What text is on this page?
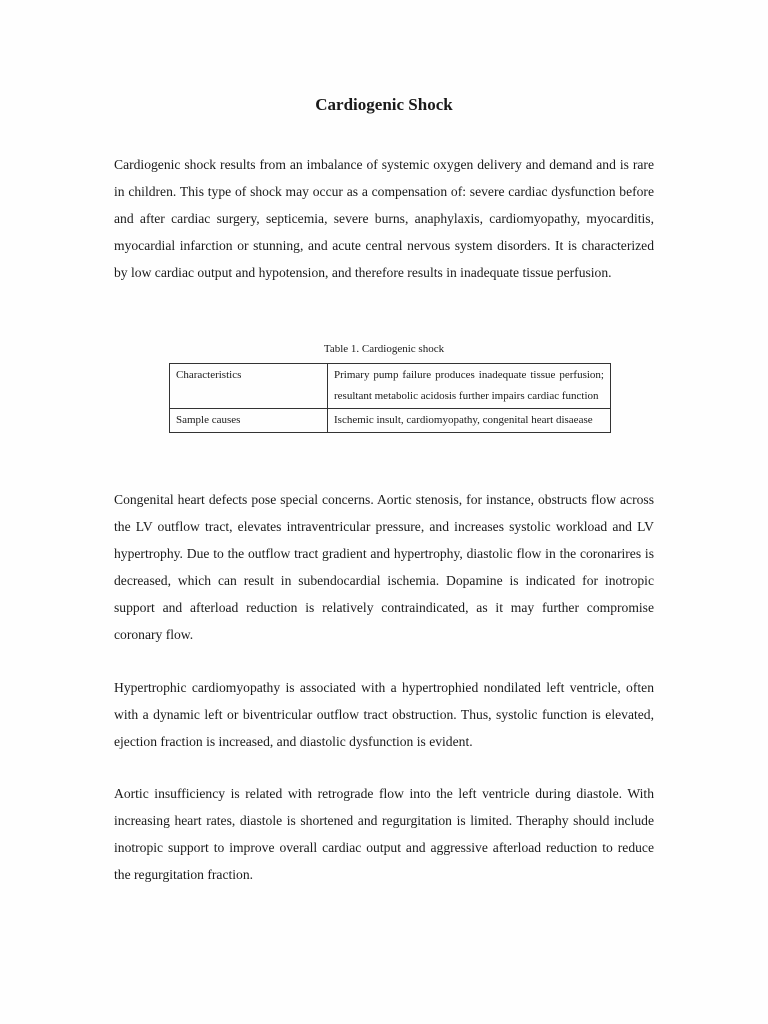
Cardiogenic Shock

Cardiogenic shock results from an imbalance of systemic oxygen delivery and demand and is rare in children. This type of shock may occur as a compensation of: severe cardiac dysfunction before and after cardiac surgery, septicemia, severe burns, anaphylaxis, cardiomyopathy, myocarditis, myocardial infarction or stunning, and acute central nervous system disorders. It is characterized by low cardiac output and hypotension, and therefore results in inadequate tissue perfusion.

Table 1. Cardiogenic shock
Characteristics	Primary pump failure produces inadequate tissue perfusion; resultant metabolic acidosis further impairs cardiac function
Sample causes	Ischemic insult, cardiomyopathy, congenital heart disaease

Congenital heart defects pose special concerns. Aortic stenosis, for instance, obstructs flow across the LV outflow tract, elevates intraventricular pressure, and increases systolic workload and LV hypertrophy. Due to the outflow tract gradient and hypertrophy, diastolic flow in the coronarires is decreased, which can result in subendocardial ischemia. Dopamine is indicated for inotropic support and afterload reduction is relatively contraindicated, as it may further compromise coronary flow.

Hypertrophic cardiomyopathy is associated with a hypertrophied nondilated left ventricle, often with a dynamic left or biventricular outflow tract obstruction. Thus, systolic function is elevated, ejection fraction is increased, and diastolic dysfunction is evident.

Aortic insufficiency is related with retrograde flow into the left ventricle during diastole. With increasing heart rates, diastole is shortened and regurgitation is limited. Theraphy should include inotropic support to improve overall cardiac output and aggressive afterload reduction to reduce the regurgitation fraction.
